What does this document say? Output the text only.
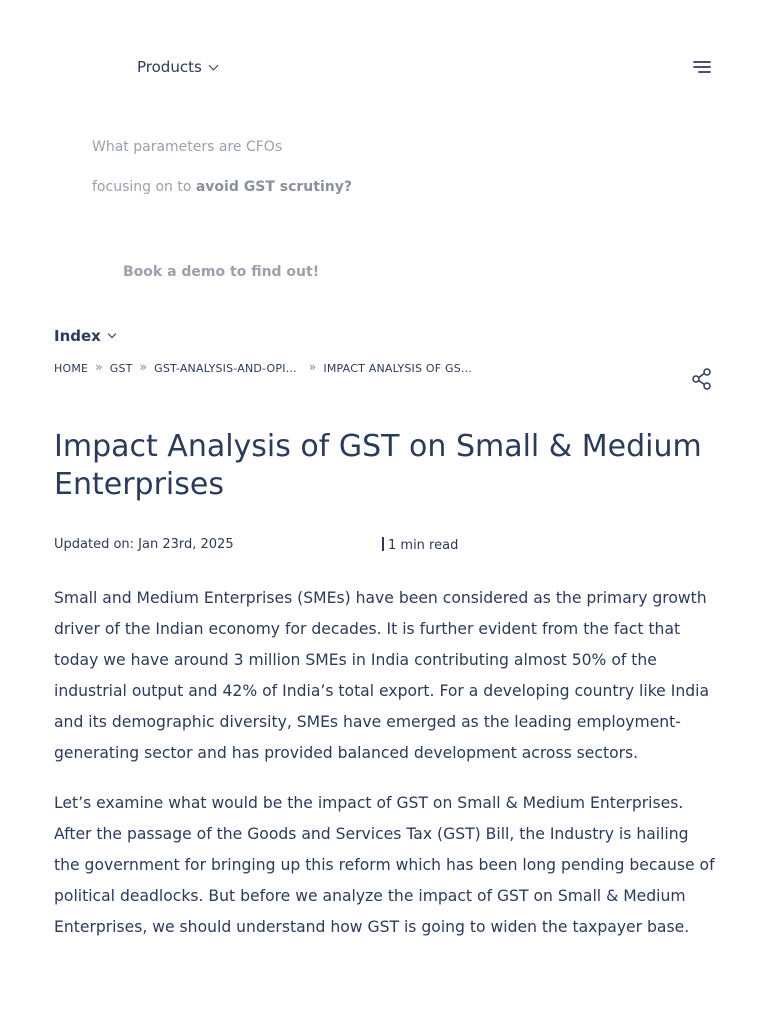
Products
What parameters are CFOs
focusing on to avoid GST scrutiny?
Book a demo to find out!
Index
HOME » GST » GST-ANALYSIS-AND-OPI… » IMPACT ANALYSIS OF GS…
Impact Analysis of GST on Small & Medium Enterprises
Updated on: Jan 23rd, 2025	1 min read

Small and Medium Enterprises (SMEs) have been considered as the primary growth driver of the Indian economy for decades. It is further evident from the fact that today we have around 3 million SMEs in India contributing almost 50% of the industrial output and 42% of India’s total export. For a developing country like India and its demographic diversity, SMEs have emerged as the leading employment-generating sector and has provided balanced development across sectors.

Let’s examine what would be the impact of GST on Small & Medium Enterprises. After the passage of the Goods and Services Tax (GST) Bill, the Industry is hailing the government for bringing up this reform which has been long pending because of political deadlocks. But before we analyze the impact of GST on Small & Medium Enterprises, we should understand how GST is going to widen the taxpayer base.
